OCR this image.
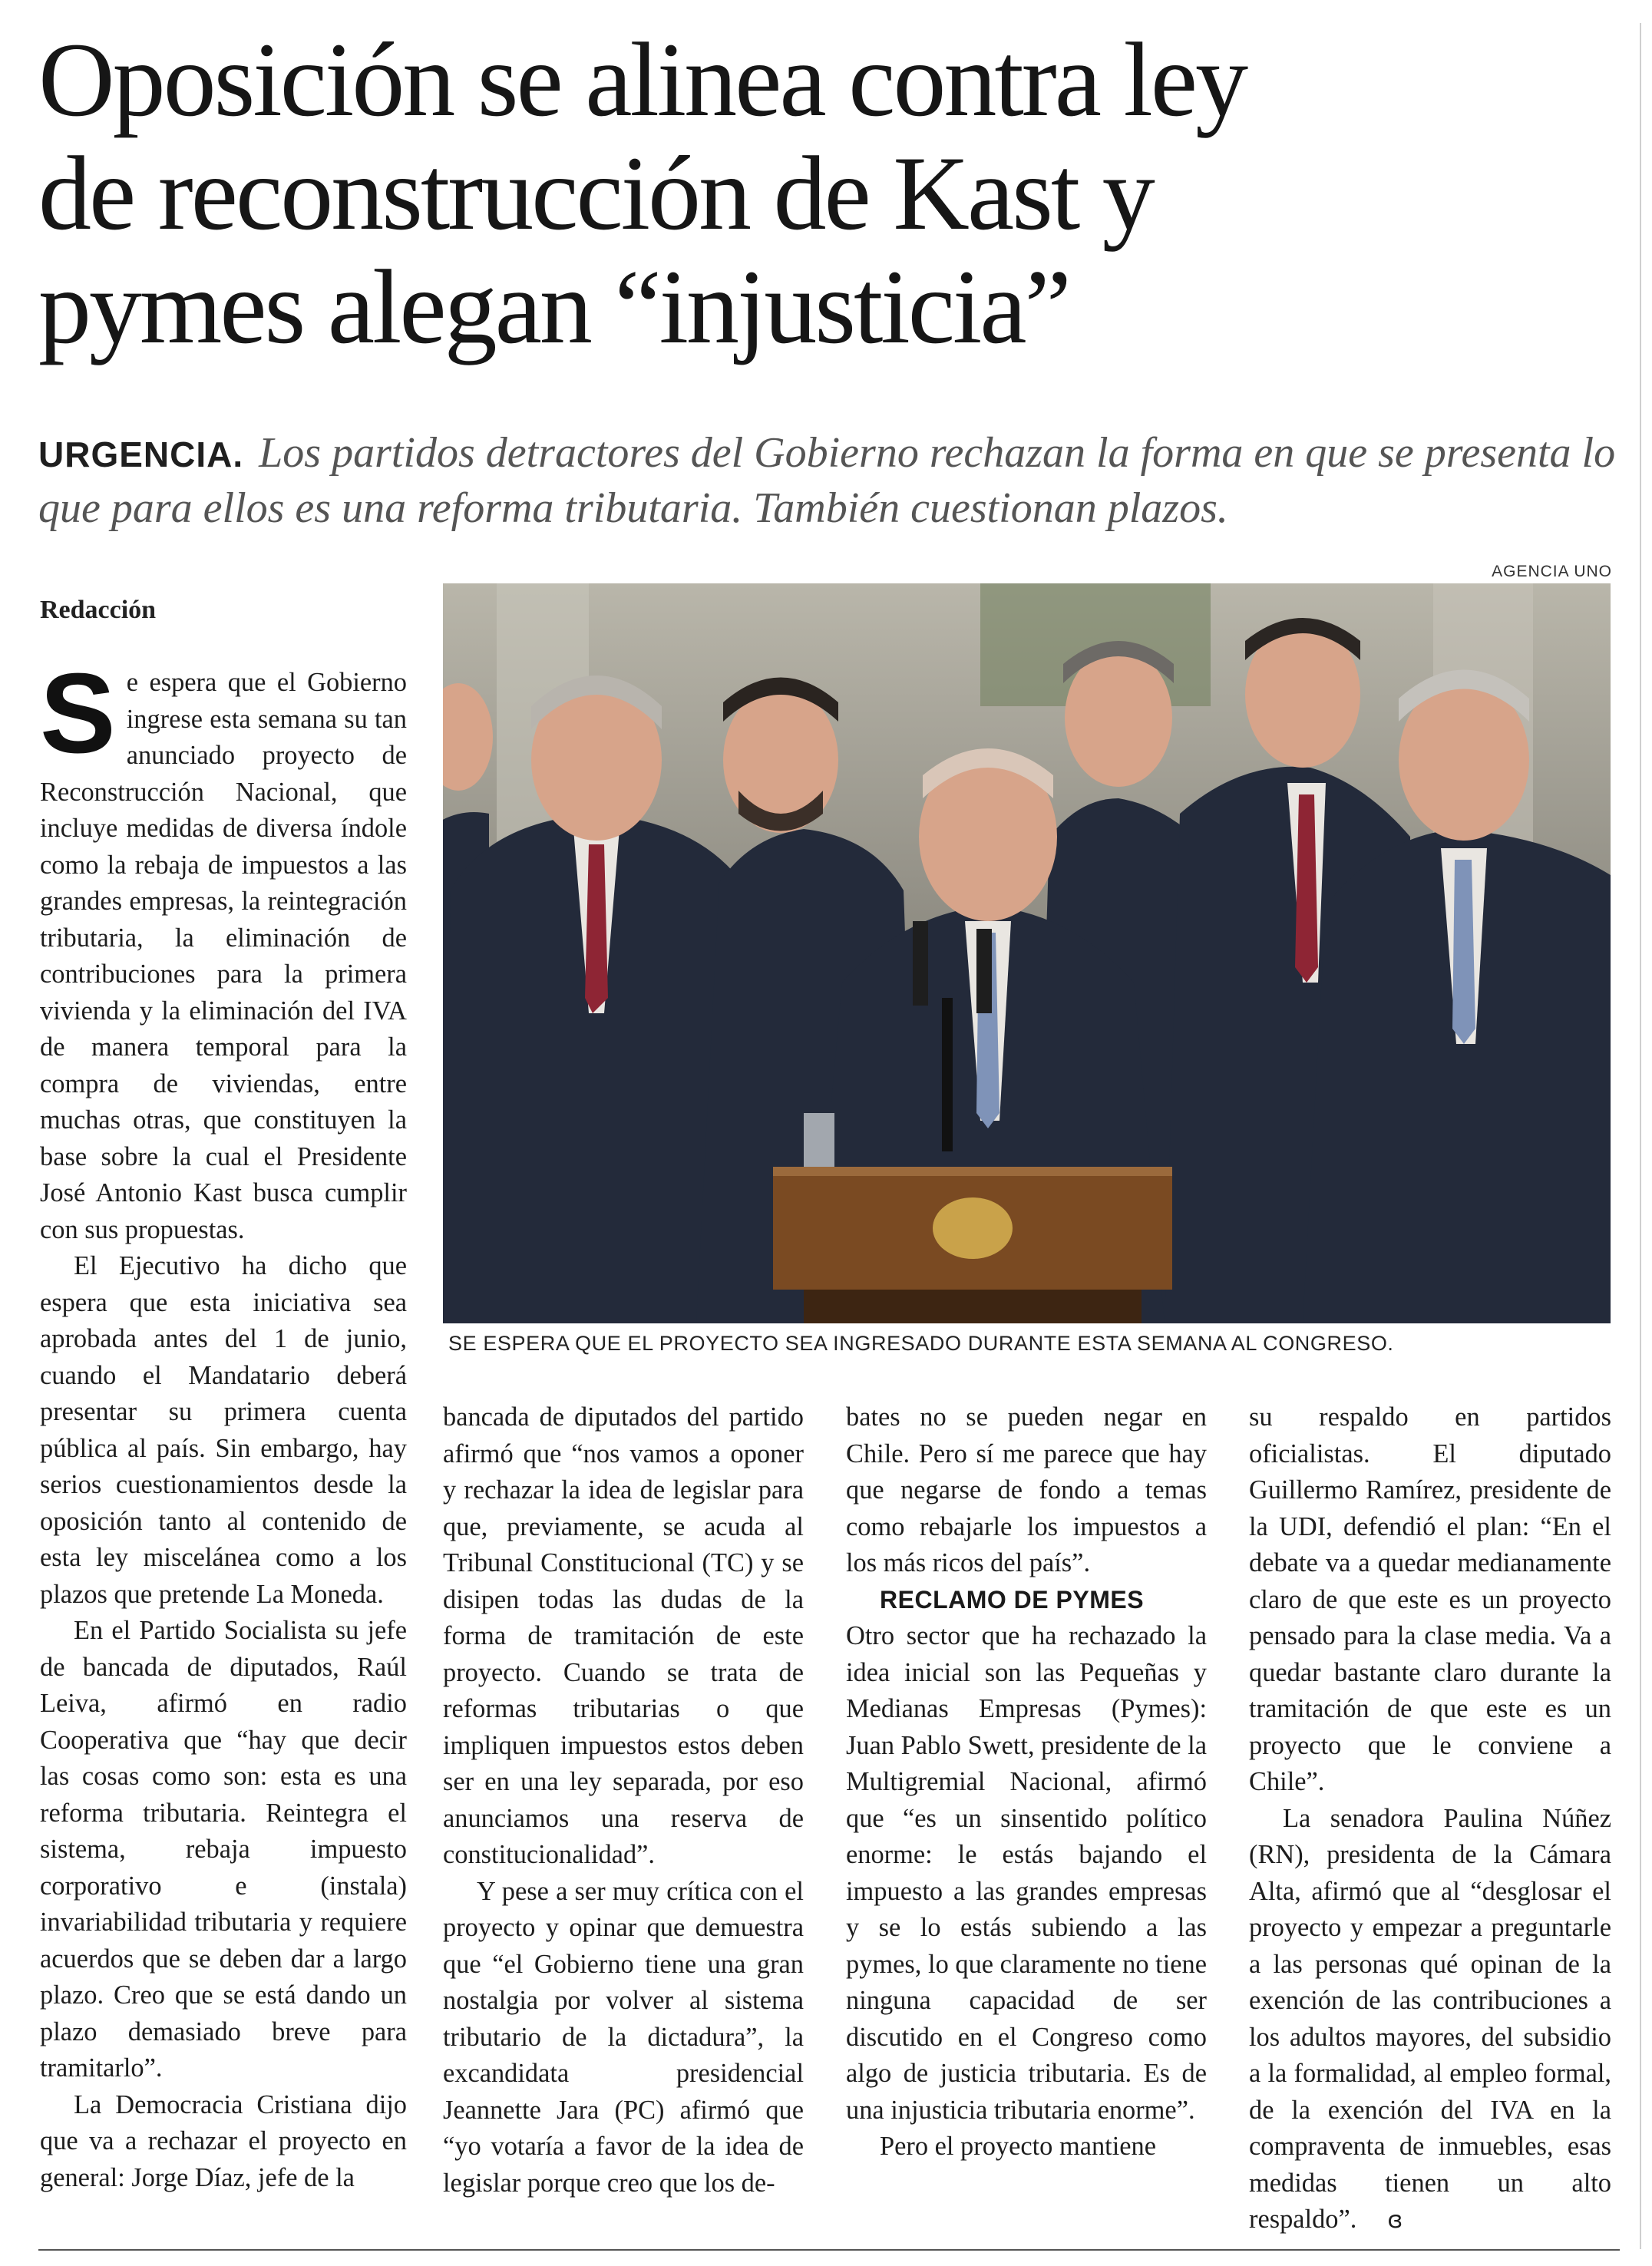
Oposición se alinea contra ley
de reconstrucción de Kast y
pymes alegan “injusticia”
URGENCIA. Los partidos detractores del Gobierno rechazan la forma en que se presenta lo que para ellos es una reforma tributaria. También cuestionan plazos.
AGENCIA UNO
Redacción
SE ESPERA QUE EL PROYECTO SEA INGRESADO DURANTE ESTA SEMANA AL CONGRESO.

Se espera que el Gobierno ingrese esta semana su tan anunciado proyecto de Reconstrucción Nacional, que incluye medidas de diversa índole como la rebaja de impuestos a las grandes empresas, la reintegración tributaria, la eliminación de contribuciones para la primera vivienda y la eliminación del IVA de manera temporal para la compra de viviendas, entre muchas otras, que constituyen la base sobre la cual el Presidente José Antonio Kast busca cumplir con sus propuestas.

El Ejecutivo ha dicho que espera que esta iniciativa sea aprobada antes del 1 de junio, cuando el Mandatario deberá presentar su primera cuenta pública al país. Sin embargo, hay serios cuestionamientos desde la oposición tanto al contenido de esta ley miscelánea como a los plazos que pretende La Moneda.

En el Partido Socialista su jefe de bancada de diputados, Raúl Leiva, afirmó en radio Cooperativa que “hay que decir las cosas como son: esta es una reforma tributaria. Reintegra el sistema, rebaja impuesto corporativo e (instala) invariabilidad tributaria y requiere acuerdos que se deben dar a largo plazo. Creo que se está dando un plazo demasiado breve para tramitarlo”.

La Democracia Cristiana dijo que va a rechazar el proyecto en general: Jorge Díaz, jefe de la

bancada de diputados del partido afirmó que “nos vamos a oponer y rechazar la idea de legislar para que, previamente, se acuda al Tribunal Constitucional (TC) y se disipen todas las dudas de la forma de tramitación de este proyecto. Cuando se trata de reformas tributarias o que impliquen impuestos estos deben ser en una ley separada, por eso anunciamos una reserva de constitucionalidad”.

Y pese a ser muy crítica con el proyecto y opinar que demuestra que “el Gobierno tiene una gran nostalgia por volver al sistema tributario de la dictadura”, la excandidata presidencial Jeannette Jara (PC) afirmó que “yo votaría a favor de la idea de legislar porque creo que los de-

bates no se pueden negar en Chile. Pero sí me parece que hay que negarse de fondo a temas como rebajarle los impuestos a los más ricos del país”.

RECLAMO DE PYMES

Otro sector que ha rechazado la idea inicial son las Pequeñas y Medianas Empresas (Pymes): Juan Pablo Swett, presidente de la Multigremial Nacional, afirmó que “es un sinsentido político enorme: le estás bajando el impuesto a las grandes empresas y se lo estás subiendo a las pymes, lo que claramente no tiene ninguna capacidad de ser discutido en el Congreso como algo de justicia tributaria. Es de una injusticia tributaria enorme”.

Pero el proyecto mantiene

su respaldo en partidos oficialistas. El diputado Guillermo Ramírez, presidente de la UDI, defendió el plan: “En el debate va a quedar medianamente claro de que este es un proyecto pensado para la clase media. Va a quedar bastante claro durante la tramitación de que este es un proyecto que le conviene a Chile”.

La senadora Paulina Núñez (RN), presidenta de la Cámara Alta, afirmó que al “desglosar el proyecto y empezar a preguntarle a las personas qué opinan de la exención de las contribuciones a los adultos mayores, del subsidio a la formalidad, al empleo formal, de la exención del IVA en la compraventa de inmuebles, esas medidas tienen un alto respaldo”. ɞ
